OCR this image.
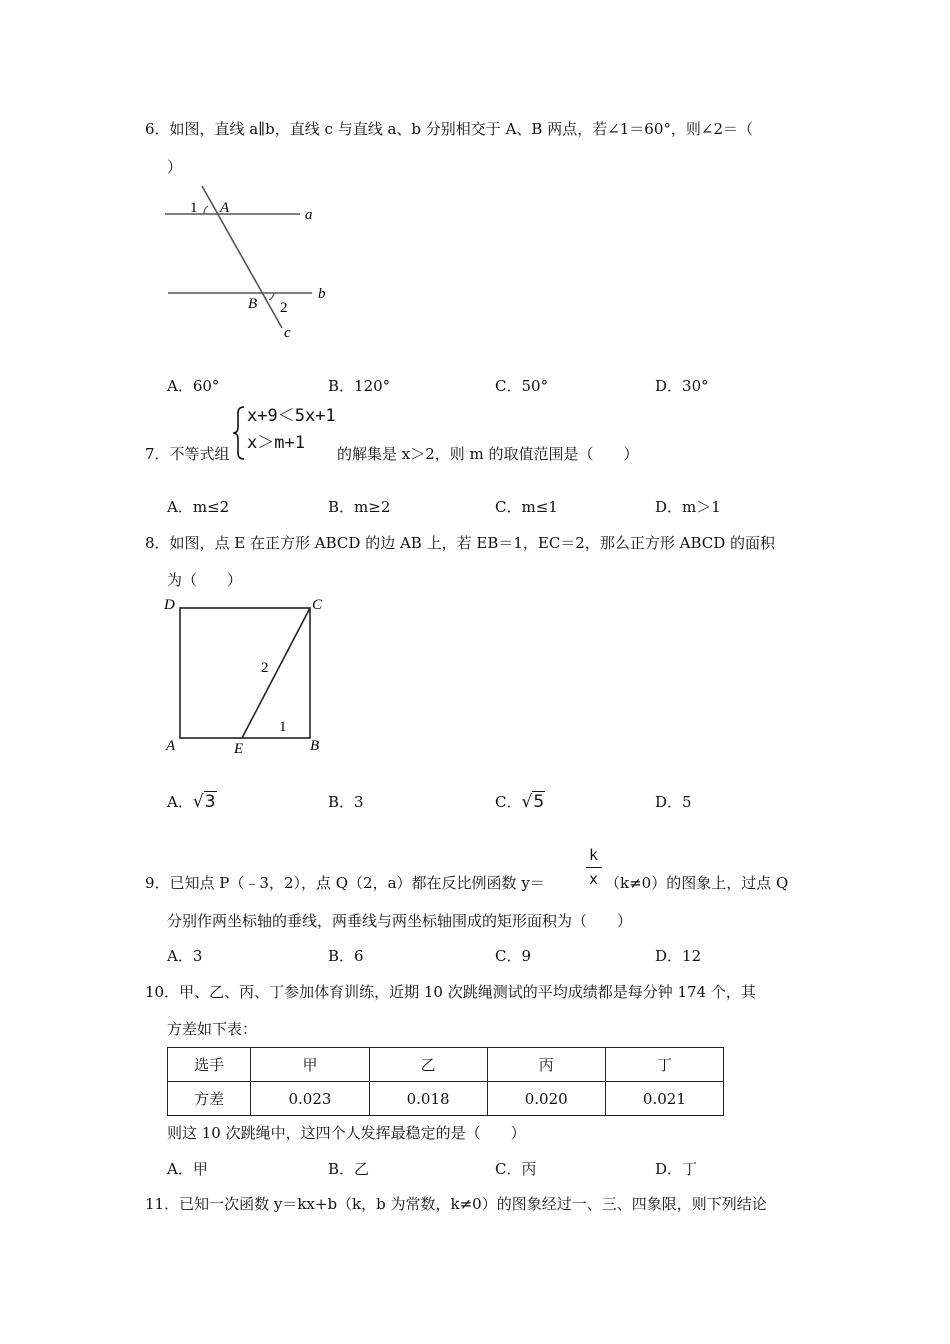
6．如图，直线 a∥b，直线 c 与直线 a、b 分别相交于 A、B 两点，若∠1＝60°，则∠2＝（
）
1 A	a
B 2
b
c
A．60°	B．120°	C．50°	D．30°
7．不等式组
x+9＜5x+1
x＞m+1
的解集是 x＞2，则 m 的取值范围是（　　）
A．m≤2	B．m≥2	C．m≤1	D．m＞1
8．如图，点 E 在正方形 ABCD 的边 AB 上，若 EB＝1，EC＝2，那么正方形 ABCD 的面积
为（　　）
D	C
A	E	B
2
1
A．√3	B．3	C．√5	D．5
9．已知点 P（﹣3，2），点 Q（2，a）都在反比例函数 y＝
k
x （k≠0）的图象上，过点 Q
分别作两坐标轴的垂线，两垂线与两坐标轴围成的矩形面积为（　　）
A．3	B．6	C．9	D．12
10．甲、乙、丙、丁参加体育训练，近期 10 次跳绳测试的平均成绩都是每分钟 174 个，其
方差如下表：
选手	甲	乙	丙	丁
方差	0.023	0.018	0.020	0.021
则这 10 次跳绳中，这四个人发挥最稳定的是（　　）
A．甲	B．乙	C．丙	D．丁
11．已知一次函数 y＝kx+b（k，b 为常数，k≠0）的图象经过一、三、四象限，则下列结论
